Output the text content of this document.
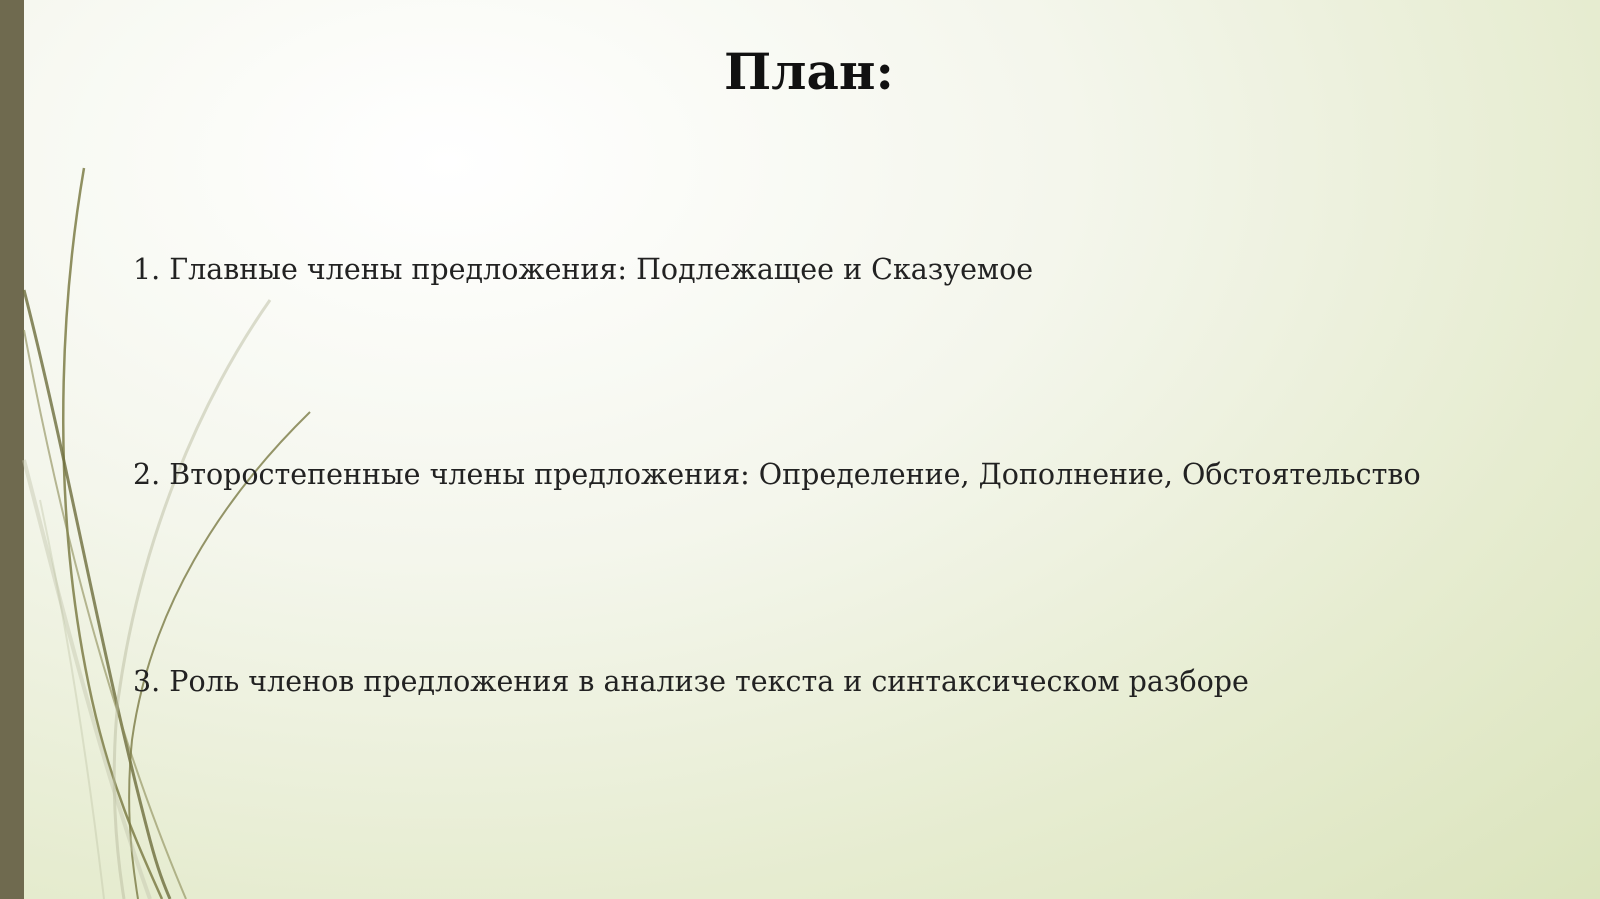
План:
1. Главные члены предложения: Подлежащее и Сказуемое
2. Второстепенные члены предложения: Определение, Дополнение, Обстоятельство
3. Роль членов предложения в анализе текста и синтаксическом разборе
